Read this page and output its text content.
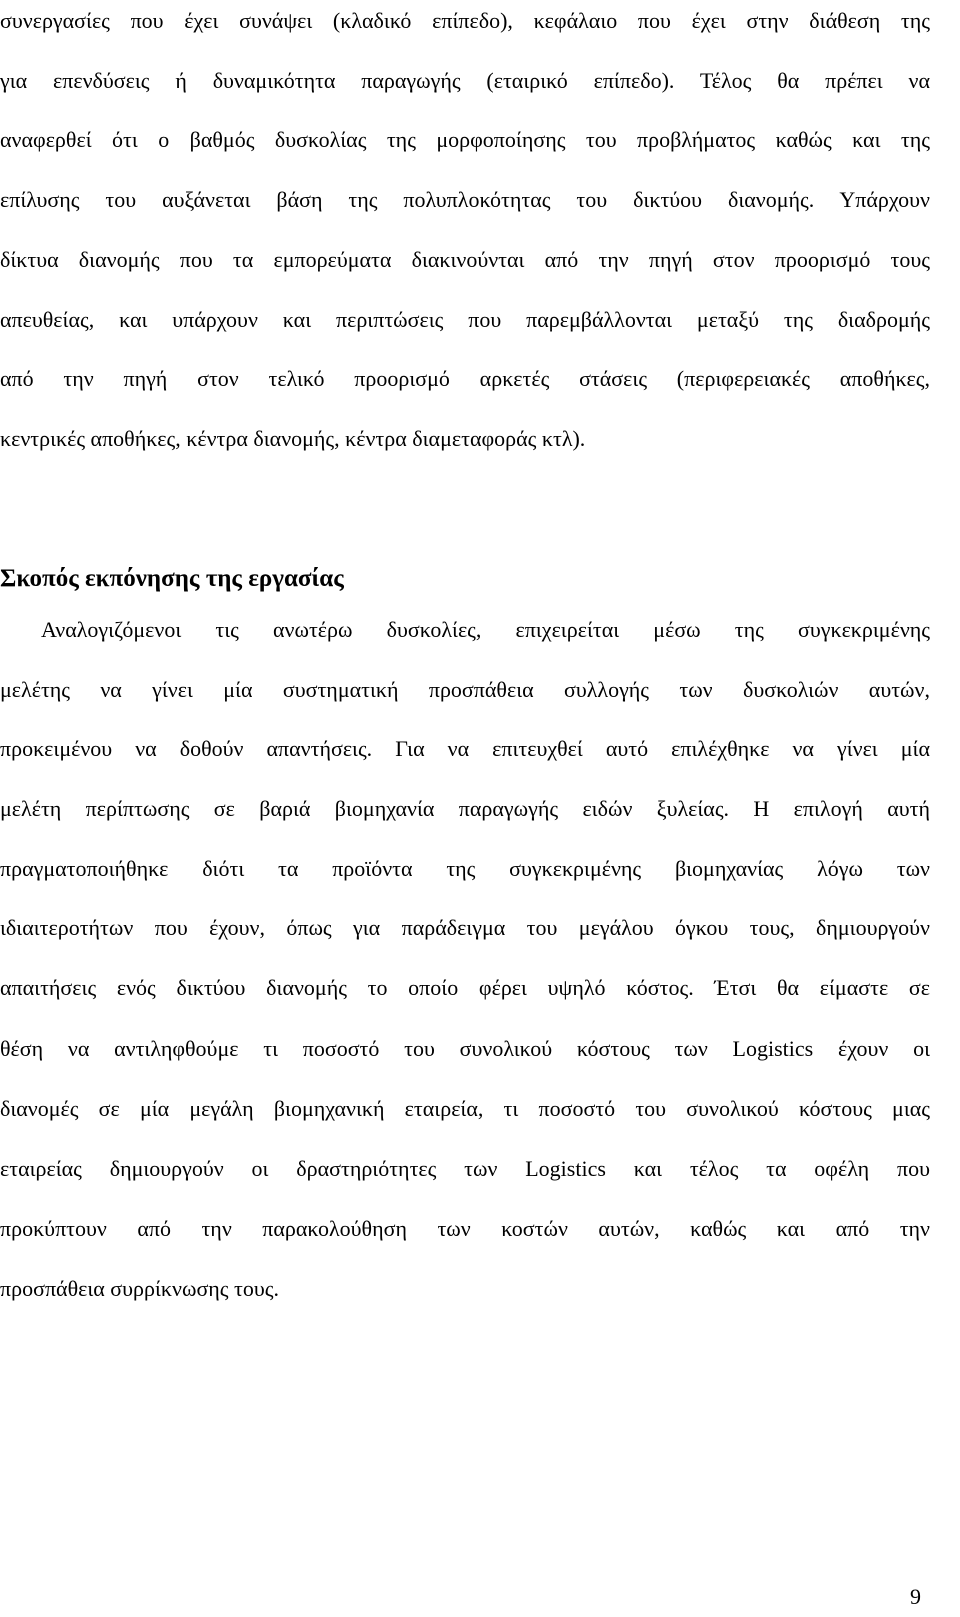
συνεργασίες που έχει συνάψει (κλαδικό επίπεδο), κεφάλαιο που έχει στην διάθεση της
για επενδύσεις ή δυναμικότητα παραγωγής (εταιρικό επίπεδο). Τέλος θα πρέπει να
αναφερθεί ότι ο βαθμός δυσκολίας της μορφοποίησης του προβλήματος καθώς και της
επίλυσης του αυξάνεται βάση της πολυπλοκότητας του δικτύου διανομής. Υπάρχουν
δίκτυα διανομής που τα εμπορεύματα διακινούνται από την πηγή στον προορισμό τους
απευθείας, και υπάρχουν και περιπτώσεις που παρεμβάλλονται μεταξύ της διαδρομής
από την πηγή στον τελικό προορισμό αρκετές στάσεις (περιφερειακές αποθήκες,
κεντρικές αποθήκες, κέντρα διανομής, κέντρα διαμεταφοράς κτλ).
Σκοπός εκπόνησης της εργασίας
Αναλογιζόμενοι τις ανωτέρω δυσκολίες, επιχειρείται μέσω της συγκεκριμένης
μελέτης να γίνει μία συστηματική προσπάθεια συλλογής των δυσκολιών αυτών,
προκειμένου να δοθούν απαντήσεις. Για να επιτευχθεί αυτό επιλέχθηκε να γίνει μία
μελέτη περίπτωσης σε βαριά βιομηχανία παραγωγής ειδών ξυλείας. Η επιλογή αυτή
πραγματοποιήθηκε διότι τα προϊόντα της συγκεκριμένης βιομηχανίας λόγω των
ιδιαιτεροτήτων που έχουν, όπως για παράδειγμα του μεγάλου όγκου τους, δημιουργούν
απαιτήσεις ενός δικτύου διανομής το οποίο φέρει υψηλό κόστος. Έτσι θα είμαστε σε
θέση να αντιληφθούμε τι ποσοστό του συνολικού κόστους των Logistics έχουν οι
διανομές σε μία μεγάλη βιομηχανική εταιρεία, τι ποσοστό του συνολικού κόστους μιας
εταιρείας δημιουργούν οι δραστηριότητες των Logistics και τέλος τα οφέλη που
προκύπτουν από την παρακολούθηση των κοστών αυτών, καθώς και από την
προσπάθεια συρρίκνωσης τους.
9
